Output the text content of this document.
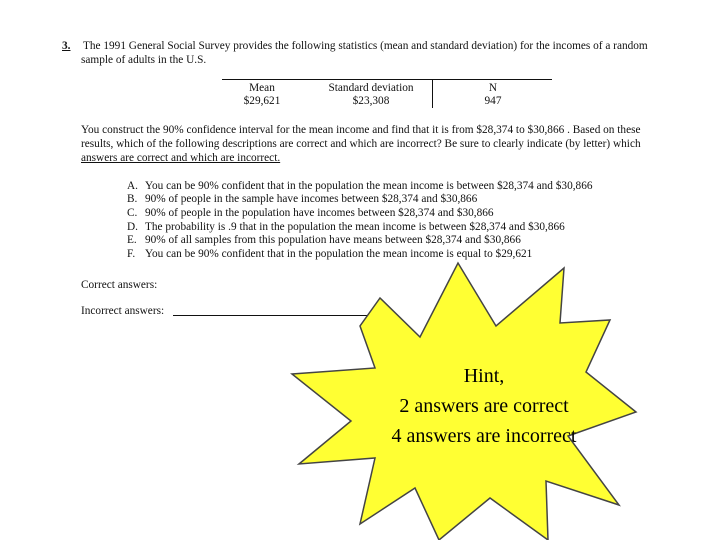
3. The 1991 General Social Survey provides the following statistics (mean and standard deviation) for the incomes of a random
sample of adults in the U.S.
Mean	Standard deviation	N
$29,621	$23,308	947
You construct the 90% confidence interval for the mean income and find that it is from $28,374 to $30,866 . Based on these
results, which of the following descriptions are correct and which are incorrect? Be sure to clearly indicate (by letter) which
answers are correct and which are incorrect.
A. You can be 90% confident that in the population the mean income is between $28,374 and $30,866
B. 90% of people in the sample have incomes between $28,374 and $30,866
C. 90% of people in the population have incomes between $28,374 and $30,866
D. The probability is .9 that in the population the mean income is between $28,374 and $30,866
E. 90% of all samples from this population have means between $28,374 and $30,866
F. You can be 90% confident that in the population the mean income is equal to $29,621
Correct answers:
Incorrect answers:
Hint,
2 answers are correct
4 answers are incorrect
